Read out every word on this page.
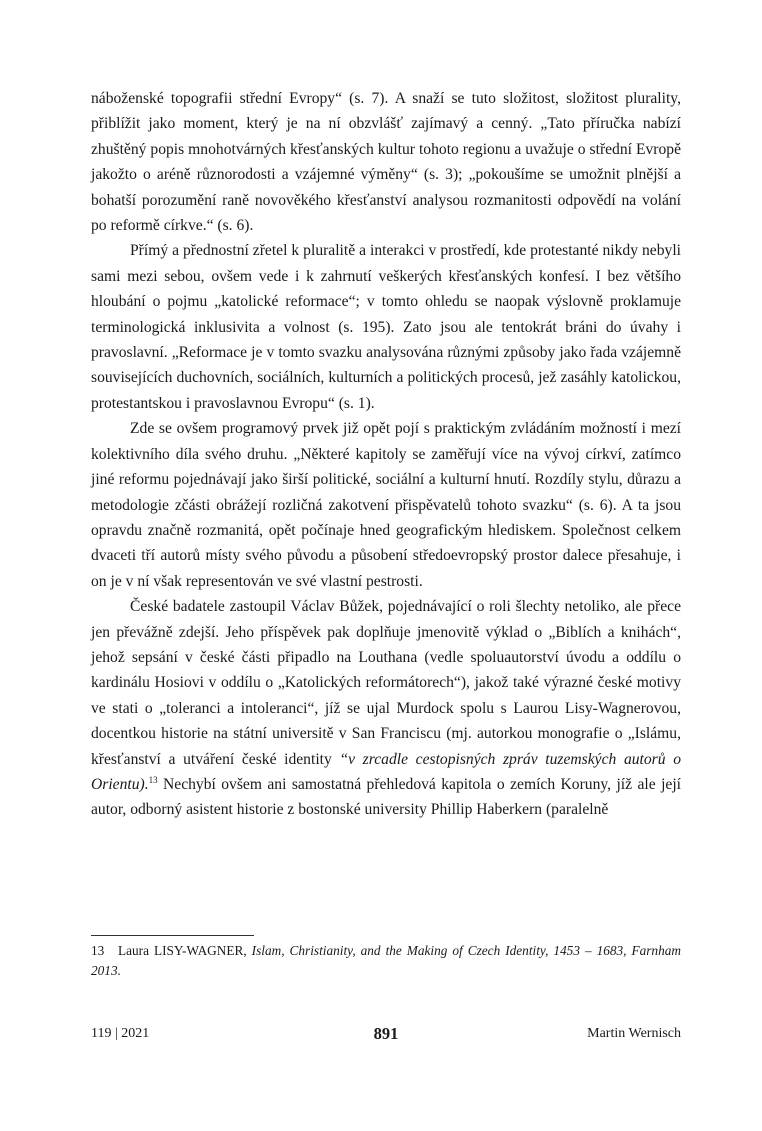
náboženské topografii střední Evropy“ (s. 7). A snaží se tuto složitost, složitost plurality, přiblížit jako moment, který je na ní obzvlášť zajímavý a cenný. „Tato příručka nabízí zhuštěný popis mnohotvárných křesťanských kultur tohoto regionu a uvažuje o střední Evropě jakožto o aréně různorodosti a vzájemné výměny“ (s. 3); „pokoušíme se umožnit plnější a bohatší porozumění raně novověkého křesťanství analysou rozmanitosti odpovědí na volání po reformě církve.“ (s. 6).

Přímý a přednostní zřetel k pluralitě a interakci v prostředí, kde protestanté nikdy nebyli sami mezi sebou, ovšem vede i k zahrnutí veškerých křesťanských konfesí. I bez většího hloubání o pojmu „katolické reformace“; v tomto ohledu se naopak výslovně proklamuje terminologická inklusivita a volnost (s. 195). Zato jsou ale tentokrát bráni do úvahy i pravoslavní. „Reformace je v tomto svazku analysována různými způsoby jako řada vzájemně souvisejících duchovních, sociálních, kulturních a politických procesů, jež zasáhly katolickou, protestantskou i pravoslavnou Evropu“ (s. 1).

Zde se ovšem programový prvek již opět pojí s praktickým zvládáním možností i mezí kolektivního díla svého druhu. „Některé kapitoly se zaměřují více na vývoj církví, zatímco jiné reformu pojednávají jako širší politické, sociální a kulturní hnutí. Rozdíly stylu, důrazu a metodologie zčásti obrážejí rozličná zakotvení přispěvatelů tohoto svazku“ (s. 6). A ta jsou opravdu značně rozmanitá, opět počínaje hned geografickým hlediskem. Společnost celkem dvaceti tří autorů místy svého původu a působení středoevropský prostor dalece přesahuje, i on je v ní však representován ve své vlastní pestrosti.

České badatele zastoupil Václav Bůžek, pojednávající o roli šlechty netoliko, ale přece jen převážně zdejší. Jeho příspěvek pak doplňuje jmenovitě výklad o „Biblích a knihách“, jehož sepsání v české části připadlo na Louthana (vedle spoluautorství úvodu a oddílu o kardinálu Hosiovi v oddílu o „Katolických reformátorech“), jakož také výrazné české motivy ve stati o „toleranci a intoleranci“, jíž se ujal Murdock spolu s Laurou Lisy-Wagnerovou, docentkou historie na státní universitě v San Franciscu (mj. autorkou monografie o „Islámu, křesťanství a utváření české identity “v zrcadle cestopisných zpráv tuzemských autorů o Orientu).$^{13}$ Nechybí ovšem ani samostatná přehledová kapitola o zemích Koruny, jíž ale její autor, odborný asistent historie z bostonské university Phillip Haberkern (paralelně

13 Laura LISY-WAGNER, Islam, Christianity, and the Making of Czech Identity, 1453 – 1683, Farnham 2013.
119 | 2021	891	Martin Wernisch
